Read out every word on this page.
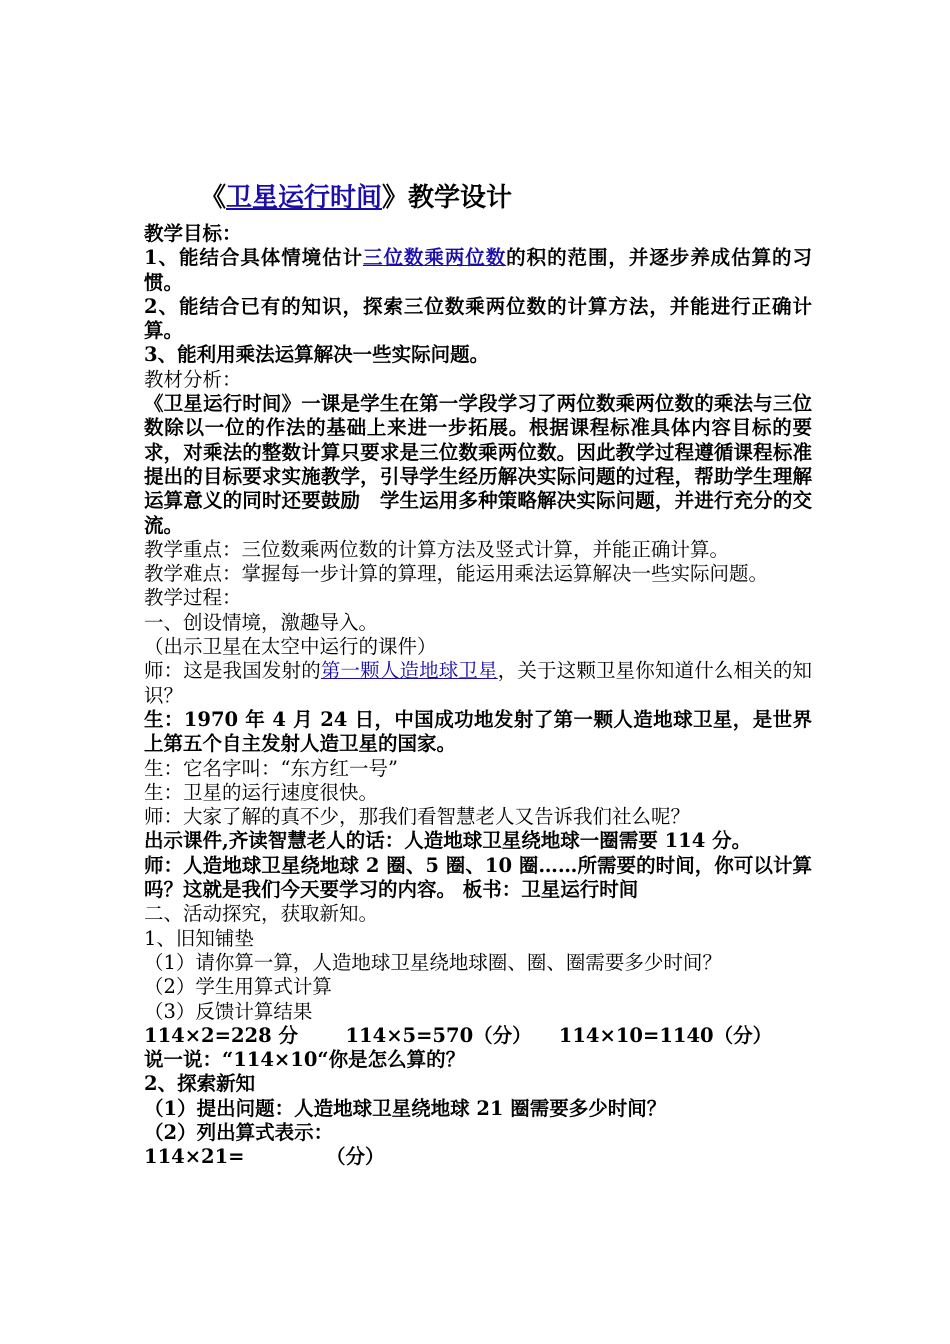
《卫星运行时间》教学设计

教学目标：

1、能结合具体情境估计三位数乘两位数的积的范围，并逐步养成估算的习惯。

2、能结合已有的知识，探索三位数乘两位数的计算方法，并能进行正确计算。

3、能利用乘法运算解决一些实际问题。

教材分析：

《卫星运行时间》一课是学生在第一学段学习了两位数乘两位数的乘法与三位数除以一位的作法的基础上来进一步拓展。根据课程标准具体内容目标的要求，对乘法的整数计算只要求是三位数乘两位数。因此教学过程遵循课程标准提出的目标要求实施教学，引导学生经历解决实际问题的过程，帮助学生理解运算意义的同时还要鼓励　学生运用多种策略解决实际问题，并进行充分的交流。

教学重点：三位数乘两位数的计算方法及竖式计算，并能正确计算。

教学难点：掌握每一步计算的算理，能运用乘法运算解决一些实际问题。

教学过程：

一、创设情境，激趣导入。

（出示卫星在太空中运行的课件）

师：这是我国发射的第一颗人造地球卫星，关于这颗卫星你知道什么相关的知识？

生：1970 年 4 月 24 日，中国成功地发射了第一颗人造地球卫星，是世界上第五个自主发射人造卫星的国家。

生：它名字叫：“东方红一号”

生：卫星的运行速度很快。

师：大家了解的真不少，那我们看智慧老人又告诉我们社么呢？

出示课件,齐读智慧老人的话：人造地球卫星绕地球一圈需要 114 分。

师：人造地球卫星绕地球 2 圈、5 圈、10 圈……所需要的时间，你可以计算吗？这就是我们今天要学习的内容。 板书：卫星运行时间

二、活动探究，获取新知。

1、旧知铺垫

（1）请你算一算，人造地球卫星绕地球圈、圈、圈需要多少时间？

（2）学生用算式计算

（3）反馈计算结果

114×2=228 分 114×5=570（分） 114×10=1140（分）

说一说：“114×10“你是怎么算的？

2、探索新知

（1）提出问题：人造地球卫星绕地球 21 圈需要多少时间？

（2）列出算式表示：

114×21=	（分）
